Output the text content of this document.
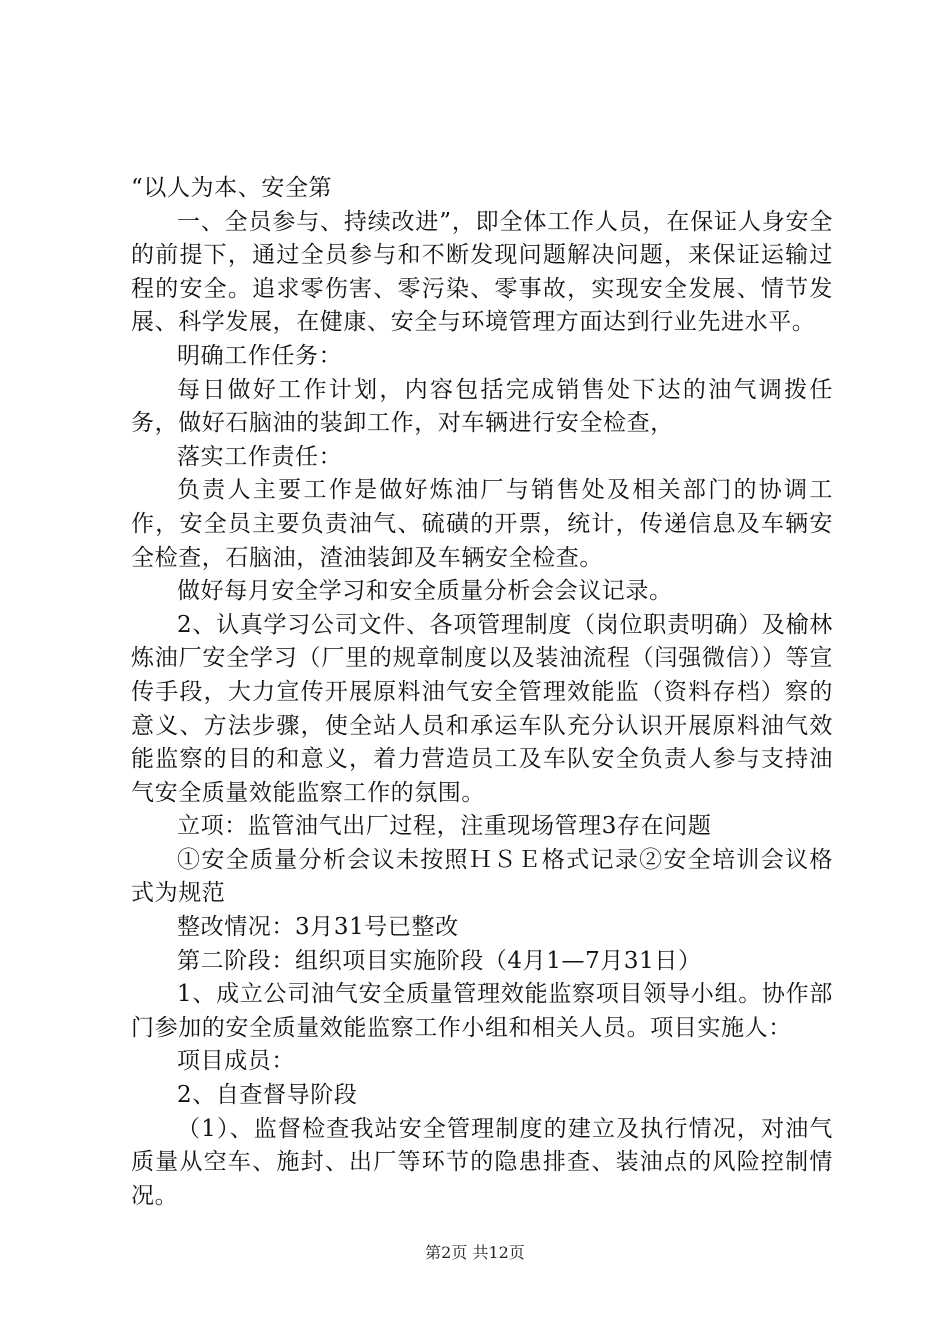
“以人为本、安全第

一、全员参与、持续改进”，即全体工作人员，在保证人身安全的前提下，通过全员参与和不断发现问题解决问题，来保证运输过程的安全。追求零伤害、零污染、零事故，实现安全发展、情节发展、科学发展，在健康、安全与环境管理方面达到行业先进水平。

明确工作任务：

每日做好工作计划，内容包括完成销售处下达的油气调拨任务，做好石脑油的装卸工作，对车辆进行安全检查，

落实工作责任：

负责人主要工作是做好炼油厂与销售处及相关部门的协调工作，安全员主要负责油气、硫磺的开票，统计，传递信息及车辆安全检查，石脑油，渣油装卸及车辆安全检查。

做好每月安全学习和安全质量分析会会议记录。

2、认真学习公司文件、各项管理制度（岗位职责明确）及榆林炼油厂安全学习（厂里的规章制度以及装油流程（闫强微信））等宣传手段，大力宣传开展原料油气安全管理效能监（资料存档）察的意义、方法步骤，使全站人员和承运车队充分认识开展原料油气效能监察的目的和意义，着力营造员工及车队安全负责人参与支持油气安全质量效能监察工作的氛围。

立项：监管油气出厂过程，注重现场管理3存在问题

①安全质量分析会议未按照ＨＳＥ格式记录②安全培训会议格式为规范

整改情况：3月31号已整改

第二阶段：组织项目实施阶段（4月1—7月31日）

1、成立公司油气安全质量管理效能监察项目领导小组。协作部门参加的安全质量效能监察工作小组和相关人员。项目实施人：

项目成员：

2、自查督导阶段

（1）、监督检查我站安全管理制度的建立及执行情况，对油气质量从空车、施封、出厂等环节的隐患排查、装油点的风险控制情况。

第2页 共12页
